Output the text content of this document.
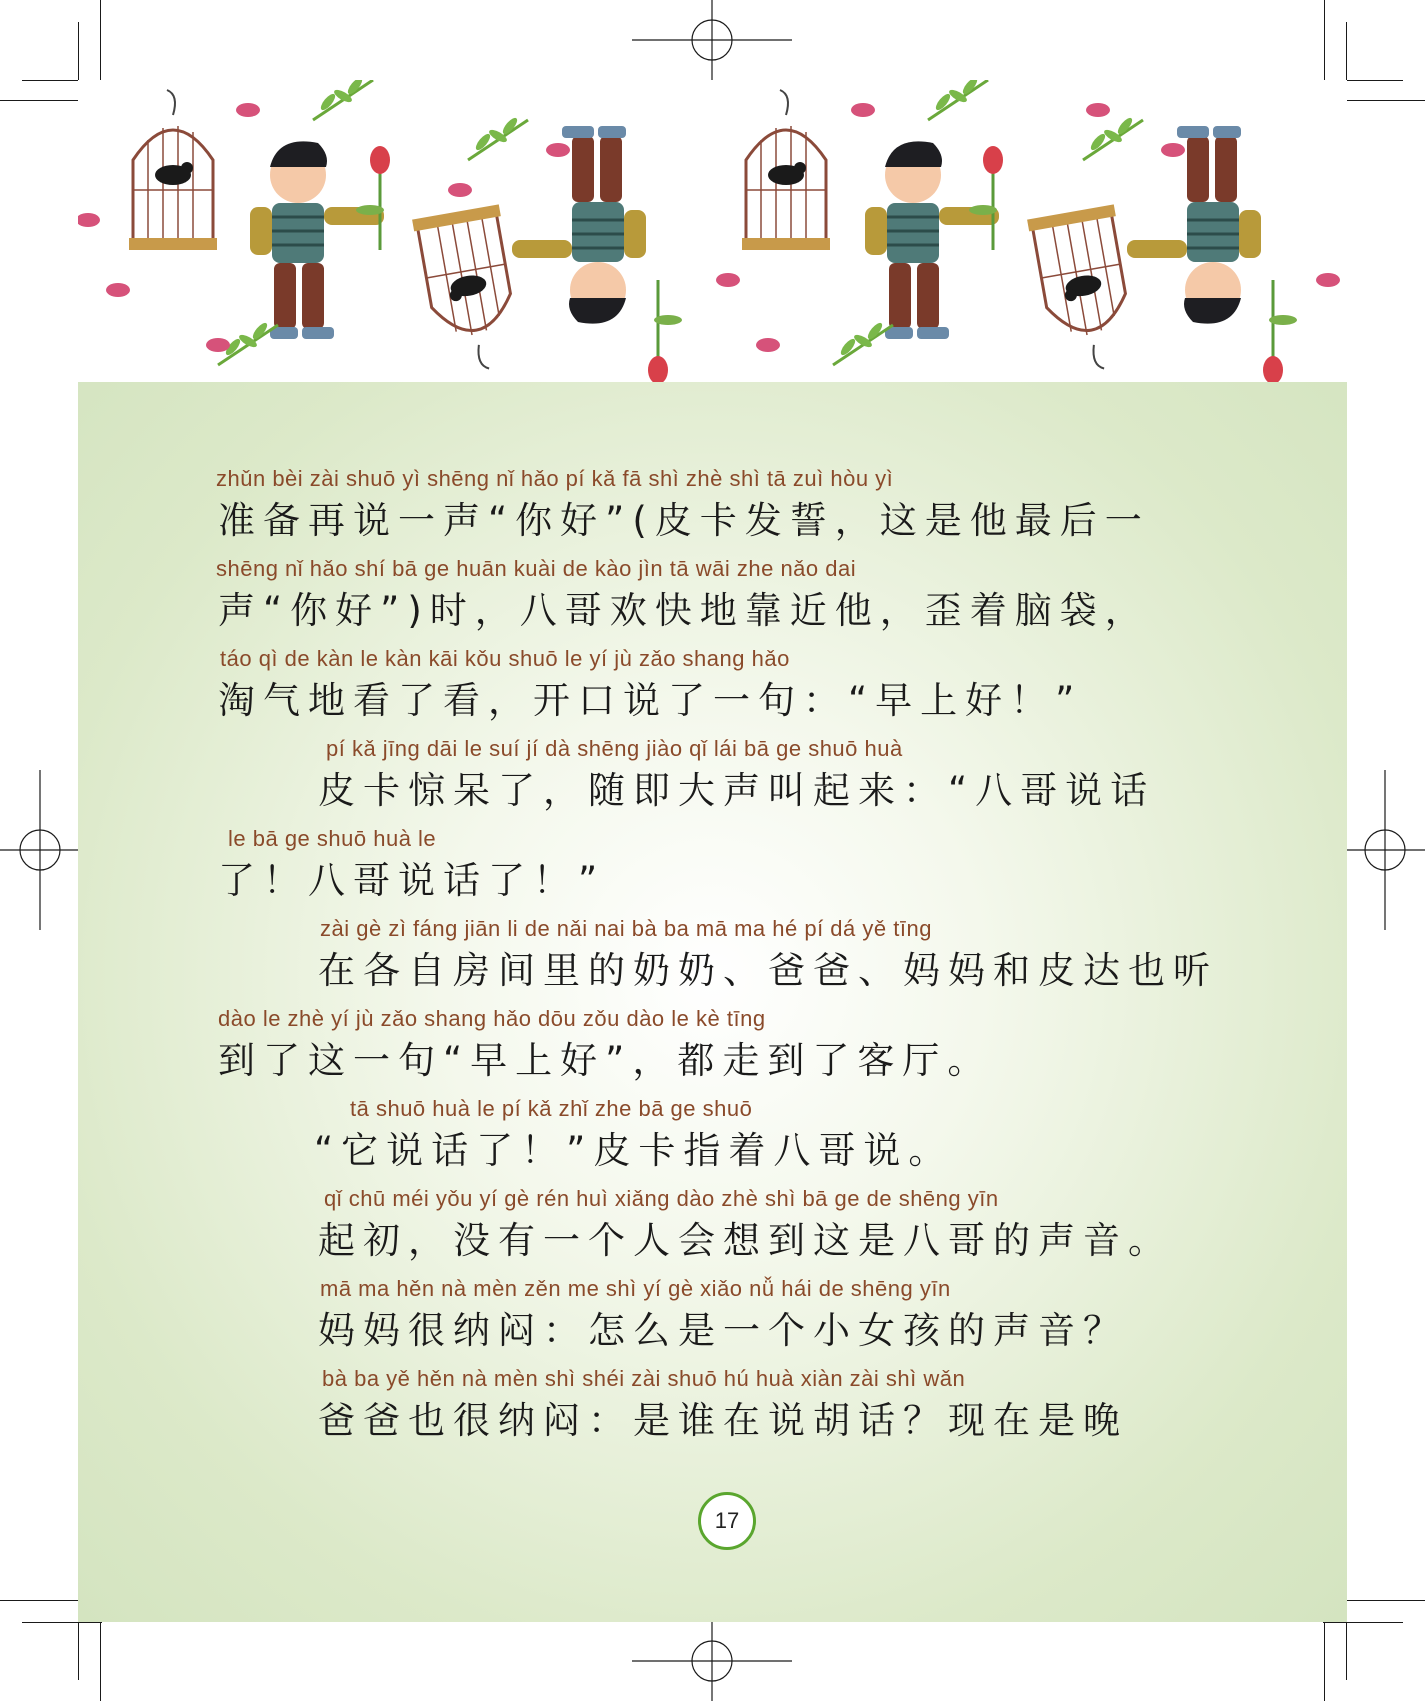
zhǔn bèi zài shuō yì shēng nǐ hǎo pí kǎ fā shì zhè shì tā zuì hòu yì
准备再说一声“你好”(皮卡发誓，这是他最后一
shēng nǐ hǎo shí bā ge huān kuài de kào jìn tā wāi zhe nǎo dai
声“你好”)时，八哥欢快地靠近他，歪着脑袋，
táo qì de kàn le kàn kāi kǒu shuō le yí jù zǎo shang hǎo
淘气地看了看，开口说了一句：“早上好！”
pí kǎ jīng dāi le suí jí dà shēng jiào qǐ lái bā ge shuō huà
皮卡惊呆了，随即大声叫起来：“八哥说话
le bā ge shuō huà le
了！八哥说话了！”
zài gè zì fáng jiān li de nǎi nai bà ba mā ma hé pí dá yě tīng
在各自房间里的奶奶、爸爸、妈妈和皮达也听
dào le zhè yí jù zǎo shang hǎo dōu zǒu dào le kè tīng
到了这一句“早上好”，都走到了客厅。
tā shuō huà le pí kǎ zhǐ zhe bā ge shuō
“它说话了！”皮卡指着八哥说。
qǐ chū méi yǒu yí gè rén huì xiǎng dào zhè shì bā ge de shēng yīn
起初，没有一个人会想到这是八哥的声音。
mā ma hěn nà mèn zěn me shì yí gè xiǎo nǚ hái de shēng yīn
妈妈很纳闷：怎么是一个小女孩的声音？
bà ba yě hěn nà mèn shì shéi zài shuō hú huà xiàn zài shì wǎn
爸爸也很纳闷：是谁在说胡话？现在是晚
17
